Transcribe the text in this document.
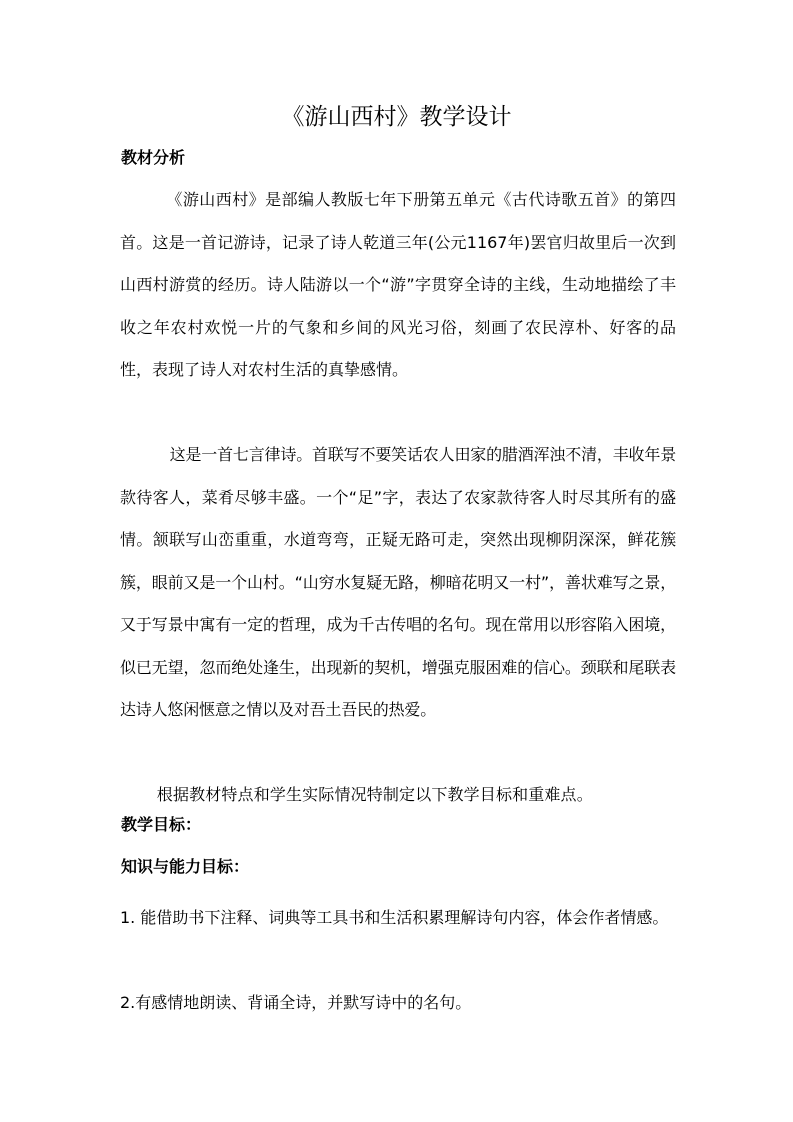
《游山西村》教学设计
教材分析
《游山西村》是部编人教版七年下册第五单元《古代诗歌五首》的第四首。这是一首记游诗，记录了诗人乾道三年(公元1167年)罢官归故里后一次到山西村游赏的经历。诗人陆游以一个“游”字贯穿全诗的主线，生动地描绘了丰收之年农村欢悦一片的气象和乡间的风光习俗，刻画了农民淳朴、好客的品性，表现了诗人对农村生活的真挚感情。
这是一首七言律诗。首联写不要笑话农人田家的腊酒浑浊不清，丰收年景款待客人，菜肴尽够丰盛。一个“足”字，表达了农家款待客人时尽其所有的盛情。颔联写山峦重重，水道弯弯，正疑无路可走，突然出现柳阴深深，鲜花簇簇，眼前又是一个山村。“山穷水复疑无路，柳暗花明又一村”，善状难写之景，又于写景中寓有一定的哲理，成为千古传唱的名句。现在常用以形容陷入困境，似已无望，忽而绝处逢生，出现新的契机，增强克服困难的信心。颈联和尾联表达诗人悠闲惬意之情以及对吾土吾民的热爱。
根据教材特点和学生实际情况特制定以下教学目标和重难点。
教学目标：
知识与能力目标：
1. 能借助书下注释、词典等工具书和生活积累理解诗句内容，体会作者情感。
2.有感情地朗读、背诵全诗，并默写诗中的名句。
